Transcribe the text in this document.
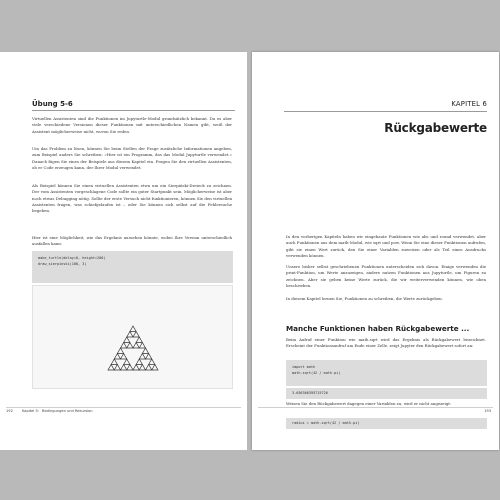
Übung 5-6

Virtuellen Assistenten sind die Funktionen im Jupyturtle-Modul grundsätzlich bekannt. Da es aber viele verschiedene Versionen dieser Funktionen mit unterschiedlichen Namen gibt, weiß der Assistent möglicherweise nicht, wovon Sie reden.

Um das Problem zu lösen, können Sie beim Stellen der Frage zusätzliche Informationen angeben, zum Beispiel anders Sie schreiben: »Hier ist ein Programm, das das Modul Jupyturtle verwendet.« Danach fügen Sie eines der Beispiele aus diesem Kapitel ein. Fragen Sie den virtuellen Assistenten, ob er Code erzeugen kann, der Ihrer Modul verwendet.

Als Beispiel können Sie einen virtuellen Assistenten etwa um ein Sierpiński-Dreieck zu zeichnen. Der vom Assistenten vorgeschlagene Code sollte ein guter Startpunkt sein. Möglicherweise ist aber noch etwas Debugging nötig. Sollte der erste Versuch nicht funktionieren, können Sie den virtuellen Assistenten fragen, was schiefgelaufen ist – oder Sie können sich selbst auf die Fehlersuche begeben.

Hier ist eine Möglichkeit, wie das Ergebnis aussehen könnte, wobei Ihre Version unterschiedlich ausfallen kann:

make_turtle(delay=0, height=200)
draw_sierpinski(100, 3)
192	Kapitel 5: Bedingungen und Rekursion
KAPITEL 6
Rückgabewerte

In den vorherigen Kapiteln haben wir eingebaute Funktionen wie abs und round verwendet, aber auch Funktionen aus dem math-Modul, wie sqrt und pow. Wenn Sie eine dieser Funktionen aufrufen, gibt sie einen Wert zurück, den Sie einer Variablen zuweisen oder als Teil eines Ausdrucks verwenden können.

Unsere bisher selbst geschriebenen Funktionen unterscheiden sich davon. Einige verwenden die print-Funktion, um Werte anzuzeigen, andere nutzen Funktionen aus Jupyturtle, um Figuren zu zeichnen. Aber sie geben keine Werte zurück, die wir weiterverwenden können, wie oben beschrieben.

In diesem Kapitel lernen Sie, Funktionen zu schreiben, die Werte zurückgeben.

Manche Funktionen haben Rückgabewerte ...

Beim Aufruf einer Funktion wie math.sqrt wird das Ergebnis als Rückgabewert bezeichnet. Erscheint der Funktionsaufruf am Ende einer Zelle, zeigt Jupyter den Rückgabewert sofort an:

import math
math.sqrt(42 / math.pi)
3.656366395715726

Weisen Sie den Rückgabewert dagegen einer Variablen zu, wird er nicht angezeigt:

radius = math.sqrt(42 / math.pi)
193
